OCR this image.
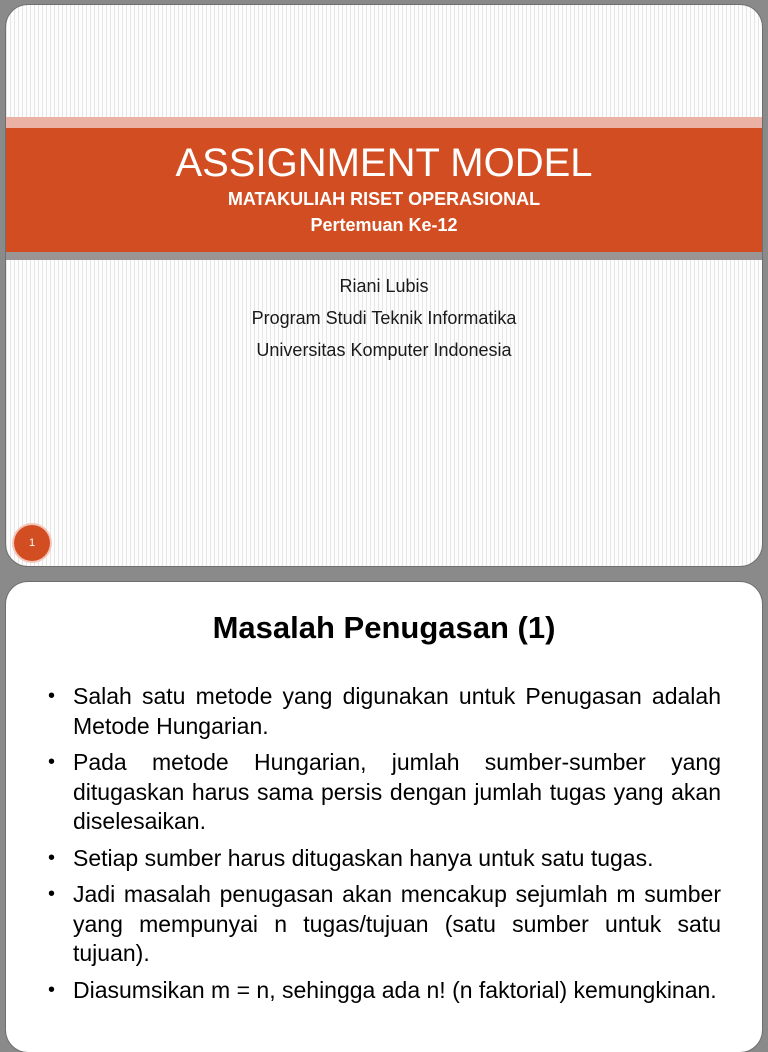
ASSIGNMENT MODEL
MATAKULIAH RISET OPERASIONAL
Pertemuan Ke-12
Riani Lubis
Program Studi Teknik Informatika
Universitas Komputer Indonesia
1
Masalah Penugasan (1)
• Salah satu metode yang digunakan untuk Penugasan adalah Metode Hungarian.
• Pada metode Hungarian, jumlah sumber-sumber yang ditugaskan harus sama persis dengan jumlah tugas yang akan diselesaikan.
• Setiap sumber harus ditugaskan hanya untuk satu tugas.
• Jadi masalah penugasan akan mencakup sejumlah m sumber yang mempunyai n tugas/tujuan (satu sumber untuk satu tujuan).
• Diasumsikan m = n, sehingga ada n! (n faktorial) kemungkinan.
